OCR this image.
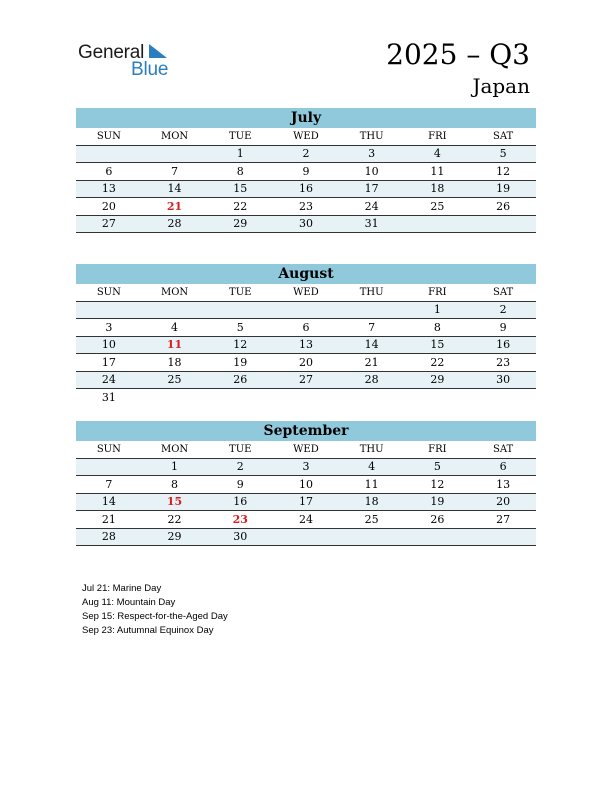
General
Blue	2025 – Q3
Japan
July
SUN	MON	TUE	WED	THU	FRI	SAT
		1	2	3	4	5
6	7	8	9	10	11	12
13	14	15	16	17	18	19
20	21	22	23	24	25	26
27	28	29	30	31		
August
SUN	MON	TUE	WED	THU	FRI	SAT
					1	2
3	4	5	6	7	8	9
10	11	12	13	14	15	16
17	18	19	20	21	22	23
24	25	26	27	28	29	30
31						
September
SUN	MON	TUE	WED	THU	FRI	SAT
	1	2	3	4	5	6
7	8	9	10	11	12	13
14	15	16	17	18	19	20
21	22	23	24	25	26	27
28	29	30				
Jul 21: Marine Day
Aug 11: Mountain Day
Sep 15: Respect-for-the-Aged Day
Sep 23: Autumnal Equinox Day
